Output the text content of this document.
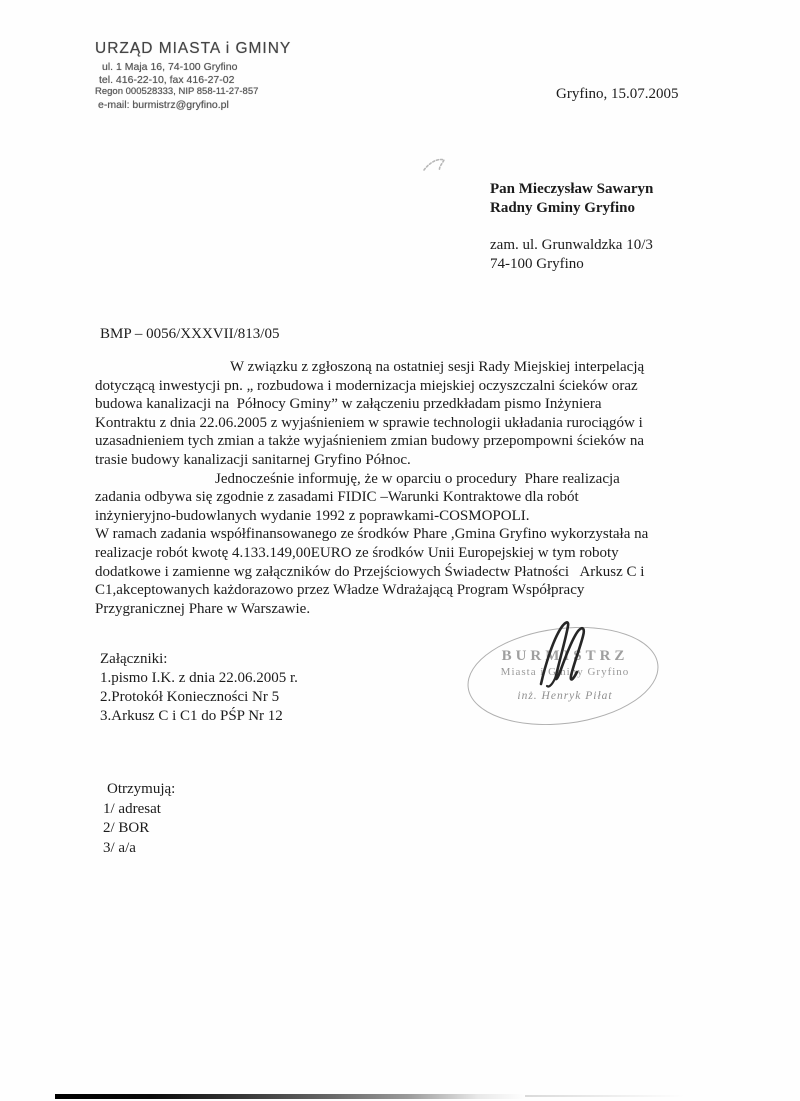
URZĄD MIASTA i GMINY
ul. 1 Maja 16, 74-100 Gryfino
tel. 416-22-10, fax 416-27-02
Regon 000528333, NIP 858-11-27-857
e-mail: burmistrz@gryfino.pl
Gryfino, 15.07.2005
Pan Mieczysław Sawaryn
Radny Gminy Gryfino
zam. ul. Grunwaldzka 10/3
74-100 Gryfino
BMP – 0056/XXXVII/813/05
W związku z zgłoszoną na ostatniej sesji Rady Miejskiej interpelacją
dotyczącą inwestycji pn. „ rozbudowa i modernizacja miejskiej oczyszczalni ścieków oraz
budowa kanalizacji na  Północy Gminy” w załączeniu przedkładam pismo Inżyniera
Kontraktu z dnia 22.06.2005 z wyjaśnieniem w sprawie technologii układania rurociągów i
uzasadnieniem tych zmian a także wyjaśnieniem zmian budowy przepompowni ścieków na
trasie budowy kanalizacji sanitarnej Gryfino Północ.
Jednocześnie informuję, że w oparciu o procedury  Phare realizacja
zadania odbywa się zgodnie z zasadami FIDIC –Warunki Kontraktowe dla robót
inżynieryjno-budowlanych wydanie 1992 z poprawkami-COSMOPOLI.
W ramach zadania współfinansowanego ze środków Phare ,Gmina Gryfino wykorzystała na
realizacje robót kwotę 4.133.149,00EURO ze środków Unii Europejskiej w tym roboty
dodatkowe i zamienne wg załączników do Przejściowych Świadectw Płatności   Arkusz C i
C1,akceptowanych każdorazowo przez Władze Wdrażającą Program Współpracy
Przygranicznej Phare w Warszawie.
Załączniki:
1.pismo I.K. z dnia 22.06.2005 r.
2.Protokół Konieczności Nr 5
3.Arkusz C i C1 do PŚP Nr 12
BURMISTRZ
Miasta i Gminy Gryfino
inż. Henryk Piłat
Otrzymują:
1/ adresat
2/ BOR
3/ a/a
